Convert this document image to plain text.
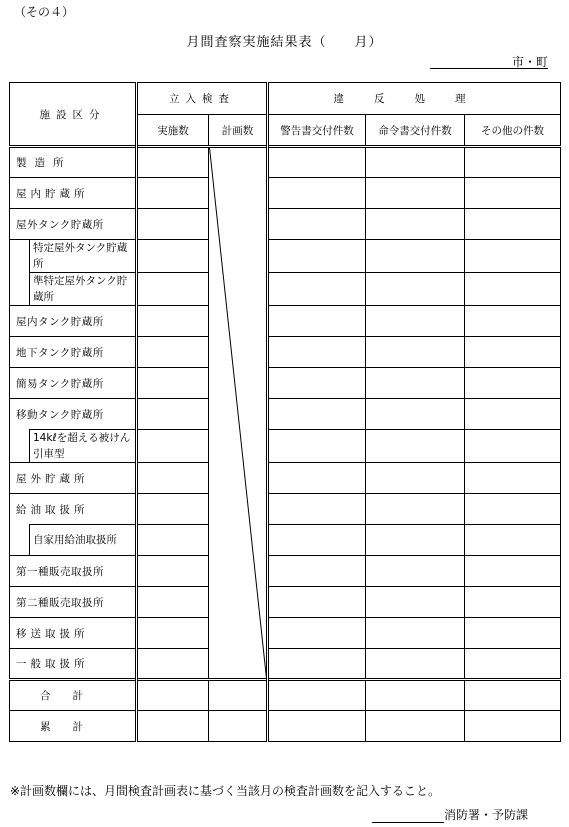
（その４）
月間査察実施結果表（　　月）
市・町
施設区分		立入検査		違反処理		
		実施数	計画数	警告書交付件数	命令書交付件数	その他の件数
製造所						
屋内貯蔵所						
屋外タンク貯蔵所						
	特定屋外タンク貯蔵所					
	準特定屋外タンク貯蔵所					
屋内タンク貯蔵所						
地下タンク貯蔵所						
簡易タンク貯蔵所						
移動タンク貯蔵所						
	14kℓを超える被けん引車型					
屋外貯蔵所						
給油取扱所						
	自家用給油取扱所					
第一種販売取扱所						
第二種販売取扱所						
移送取扱所						
一般取扱所						
合計						
累計						
※計画数欄には、月間検査計画表に基づく当該月の検査計画数を記入すること。
消防署・予防課
